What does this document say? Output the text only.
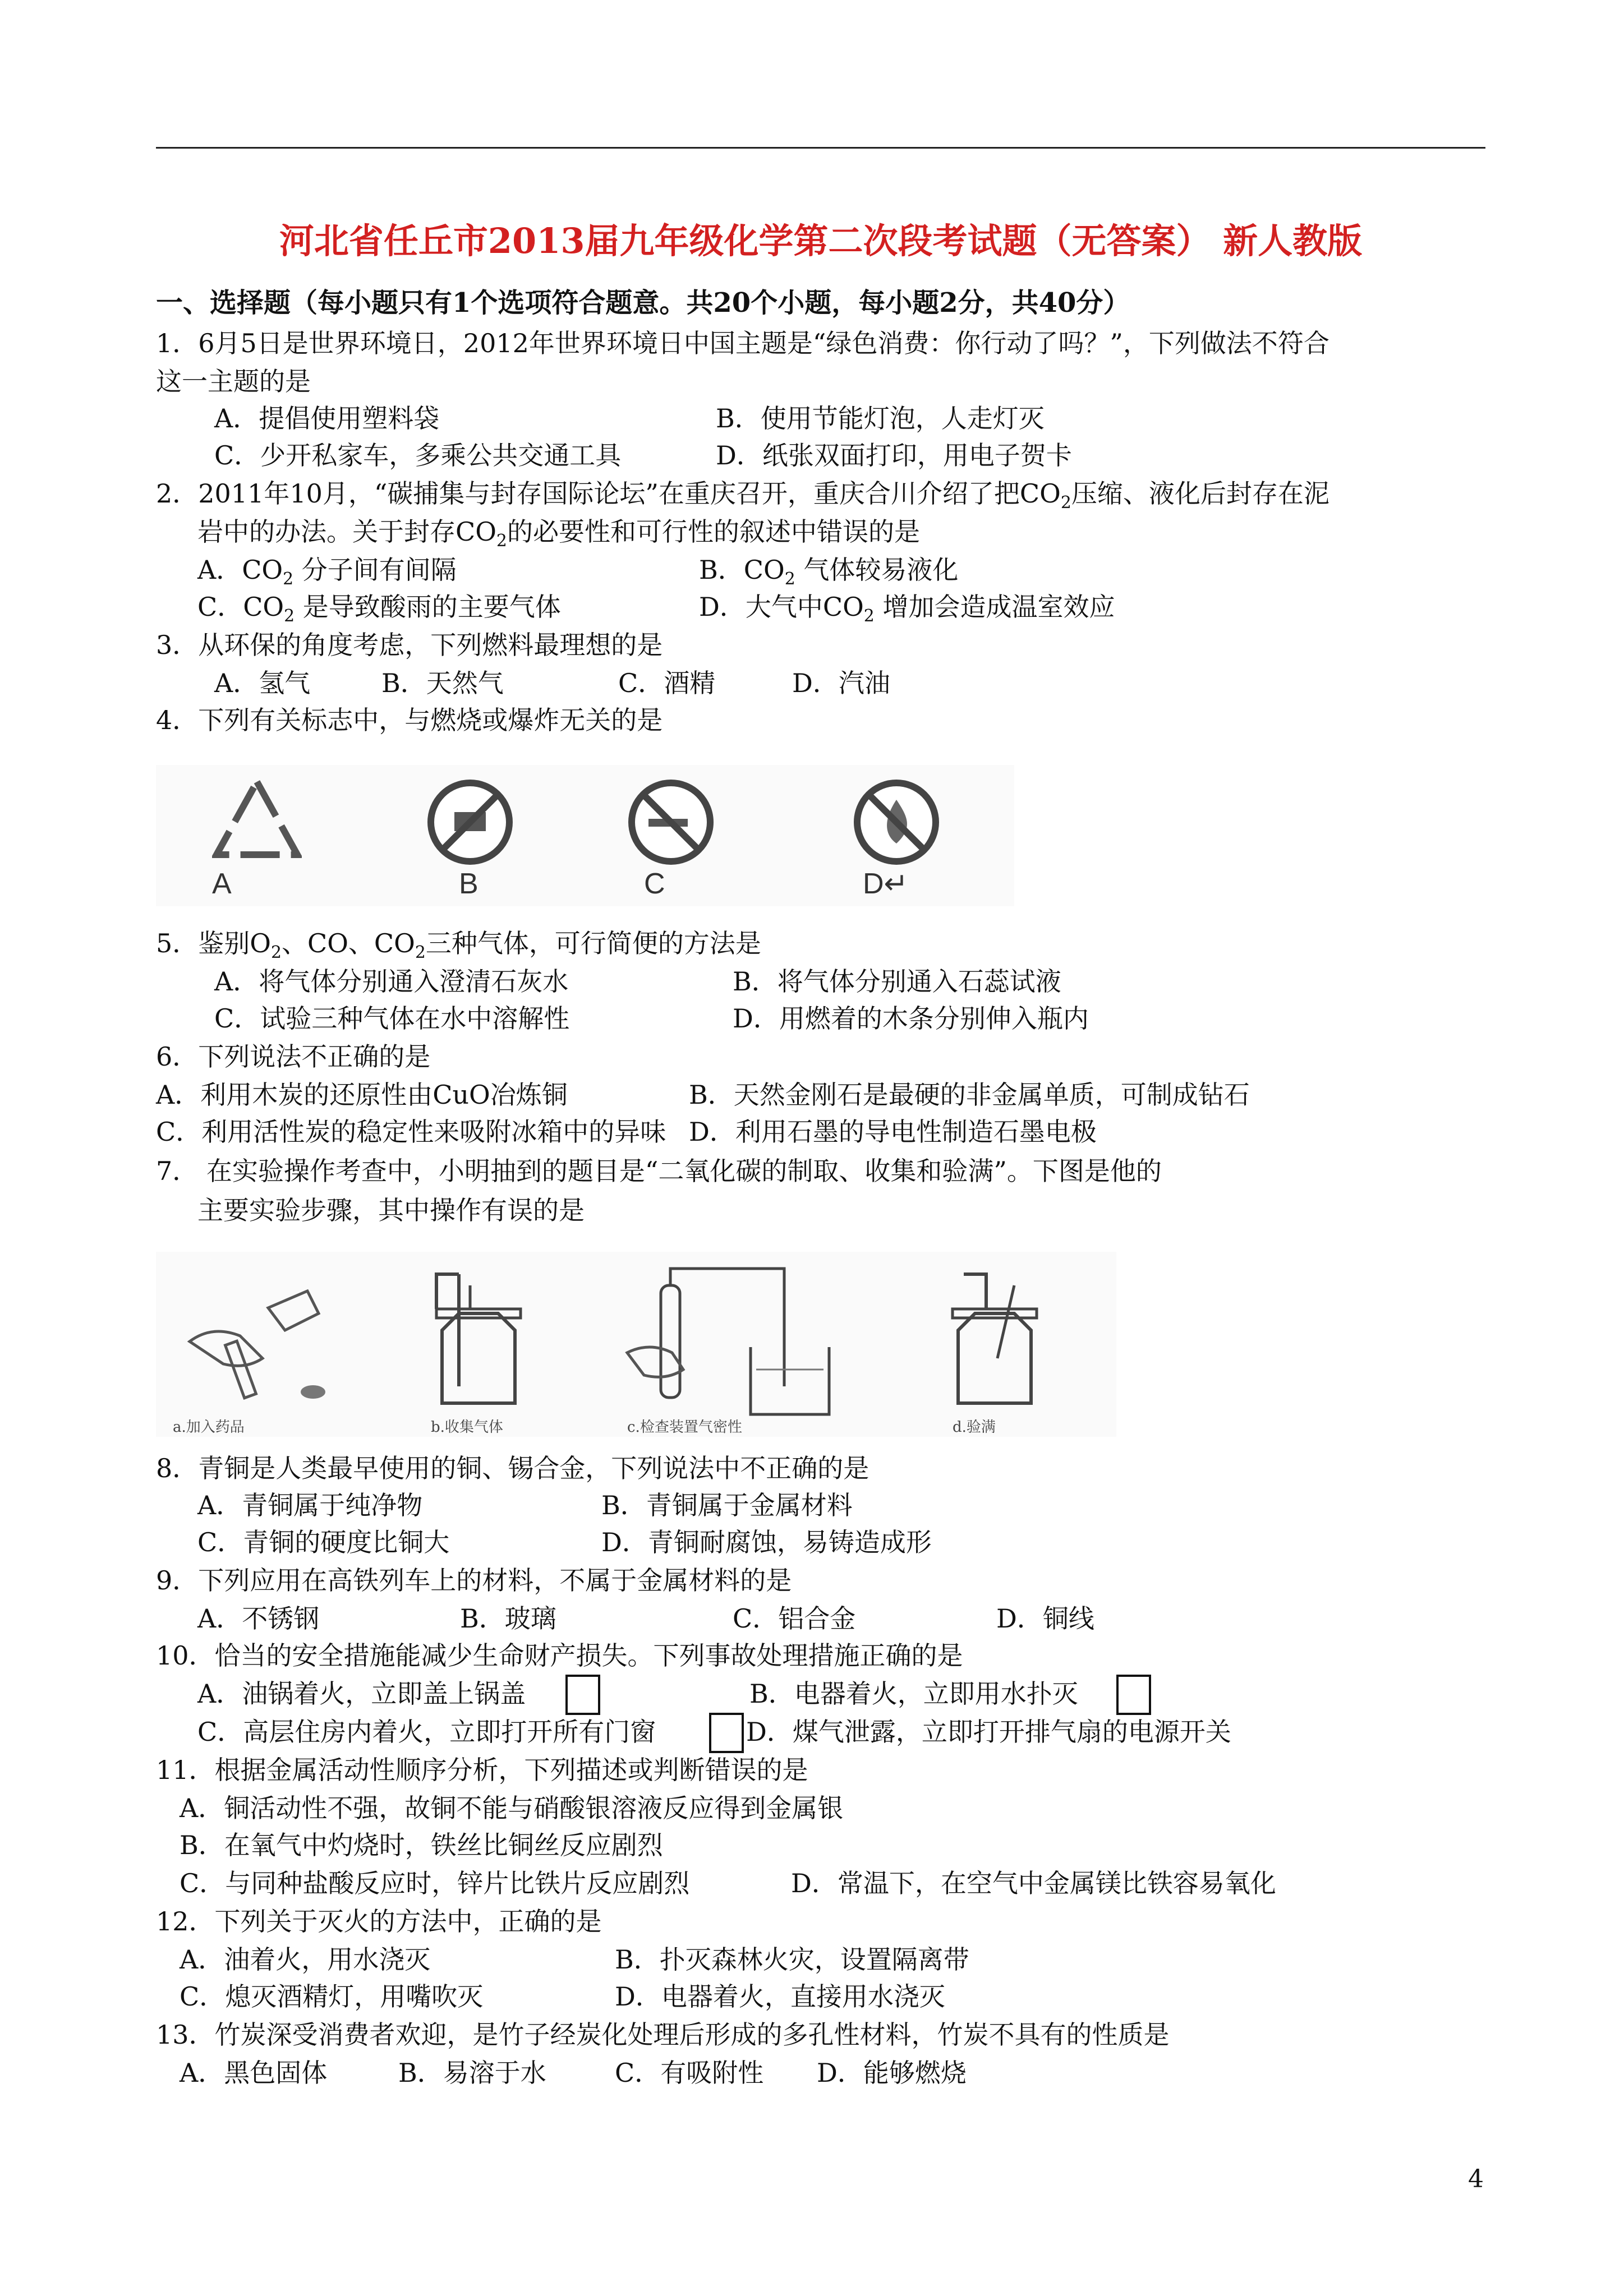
河北省任丘市2013届九年级化学第二次段考试题（无答案） 新人教版
一、选择题（每小题只有1个选项符合题意。共20个小题，每小题2分，共40分）
1．6月5日是世界环境日，2012年世界环境日中国主题是“绿色消费：你行动了吗？”，下列做法不符合
这一主题的是
A．提倡使用塑料袋	B．使用节能灯泡，人走灯灭
C．少开私家车，多乘公共交通工具	D．纸张双面打印，用电子贺卡
2．2011年10月，“碳捕集与封存国际论坛”在重庆召开，重庆合川介绍了把$CO_2$压缩、液化后封存在泥
岩中的办法。关于封存$CO_2$的必要性和可行性的叙述中错误的是
A．$CO_2$ 分子间有间隔	B．$CO_2$ 气体较易液化
C．$CO_2$ 是导致酸雨的主要气体	D．大气中$CO_2$ 增加会造成温室效应
3．从环保的角度考虑，下列燃料最理想的是
A．氢气	B．天然气	C．酒精	D．汽油
4．下列有关标志中，与燃烧或爆炸无关的是
A	B	C	D↵
5．鉴别$O_2$、CO、$CO_2$三种气体，可行简便的方法是
A．将气体分别通入澄清石灰水	B．将气体分别通入石蕊试液
C．试验三种气体在水中溶解性	D．用燃着的木条分别伸入瓶内
6．下列说法不正确的是
A．利用木炭的还原性由CuO冶炼铜	B．天然金刚石是最硬的非金属单质，可制成钻石
C．利用活性炭的稳定性来吸附冰箱中的异味 D．利用石墨的导电性制造石墨电极
7． 在实验操作考查中，小明抽到的题目是“二氧化碳的制取、收集和验满”。下图是他的
主要实验步骤，其中操作有误的是
a.加入药品	b.收集气体	c.检查装置气密性	d.验满
8．青铜是人类最早使用的铜、锡合金，下列说法中不正确的是
A．青铜属于纯净物	B．青铜属于金属材料
C．青铜的硬度比铜大	D．青铜耐腐蚀，易铸造成形
9．下列应用在高铁列车上的材料，不属于金属材料的是
A．不锈钢	B．玻璃	C．铝合金	D．铜线
10．恰当的安全措施能减少生命财产损失。下列事故处理措施正确的是
A．油锅着火，立即盖上锅盖	B．电器着火，立即用水扑灭
C．高层住房内着火，立即打开所有门窗	D．煤气泄露，立即打开排气扇的电源开关
11．根据金属活动性顺序分析，下列描述或判断错误的是
A．铜活动性不强，故铜不能与硝酸银溶液反应得到金属银
B．在氧气中灼烧时，铁丝比铜丝反应剧烈
C．与同种盐酸反应时，锌片比铁片反应剧烈	D．常温下，在空气中金属镁比铁容易氧化
12．下列关于灭火的方法中，正确的是
A．油着火，用水浇灭	B．扑灭森林火灾，设置隔离带
C．熄灭酒精灯，用嘴吹灭	D．电器着火，直接用水浇灭
13．竹炭深受消费者欢迎，是竹子经炭化处理后形成的多孔性材料，竹炭不具有的性质是
A．黑色固体	B．易溶于水	C．有吸附性 D．能够燃烧
4
